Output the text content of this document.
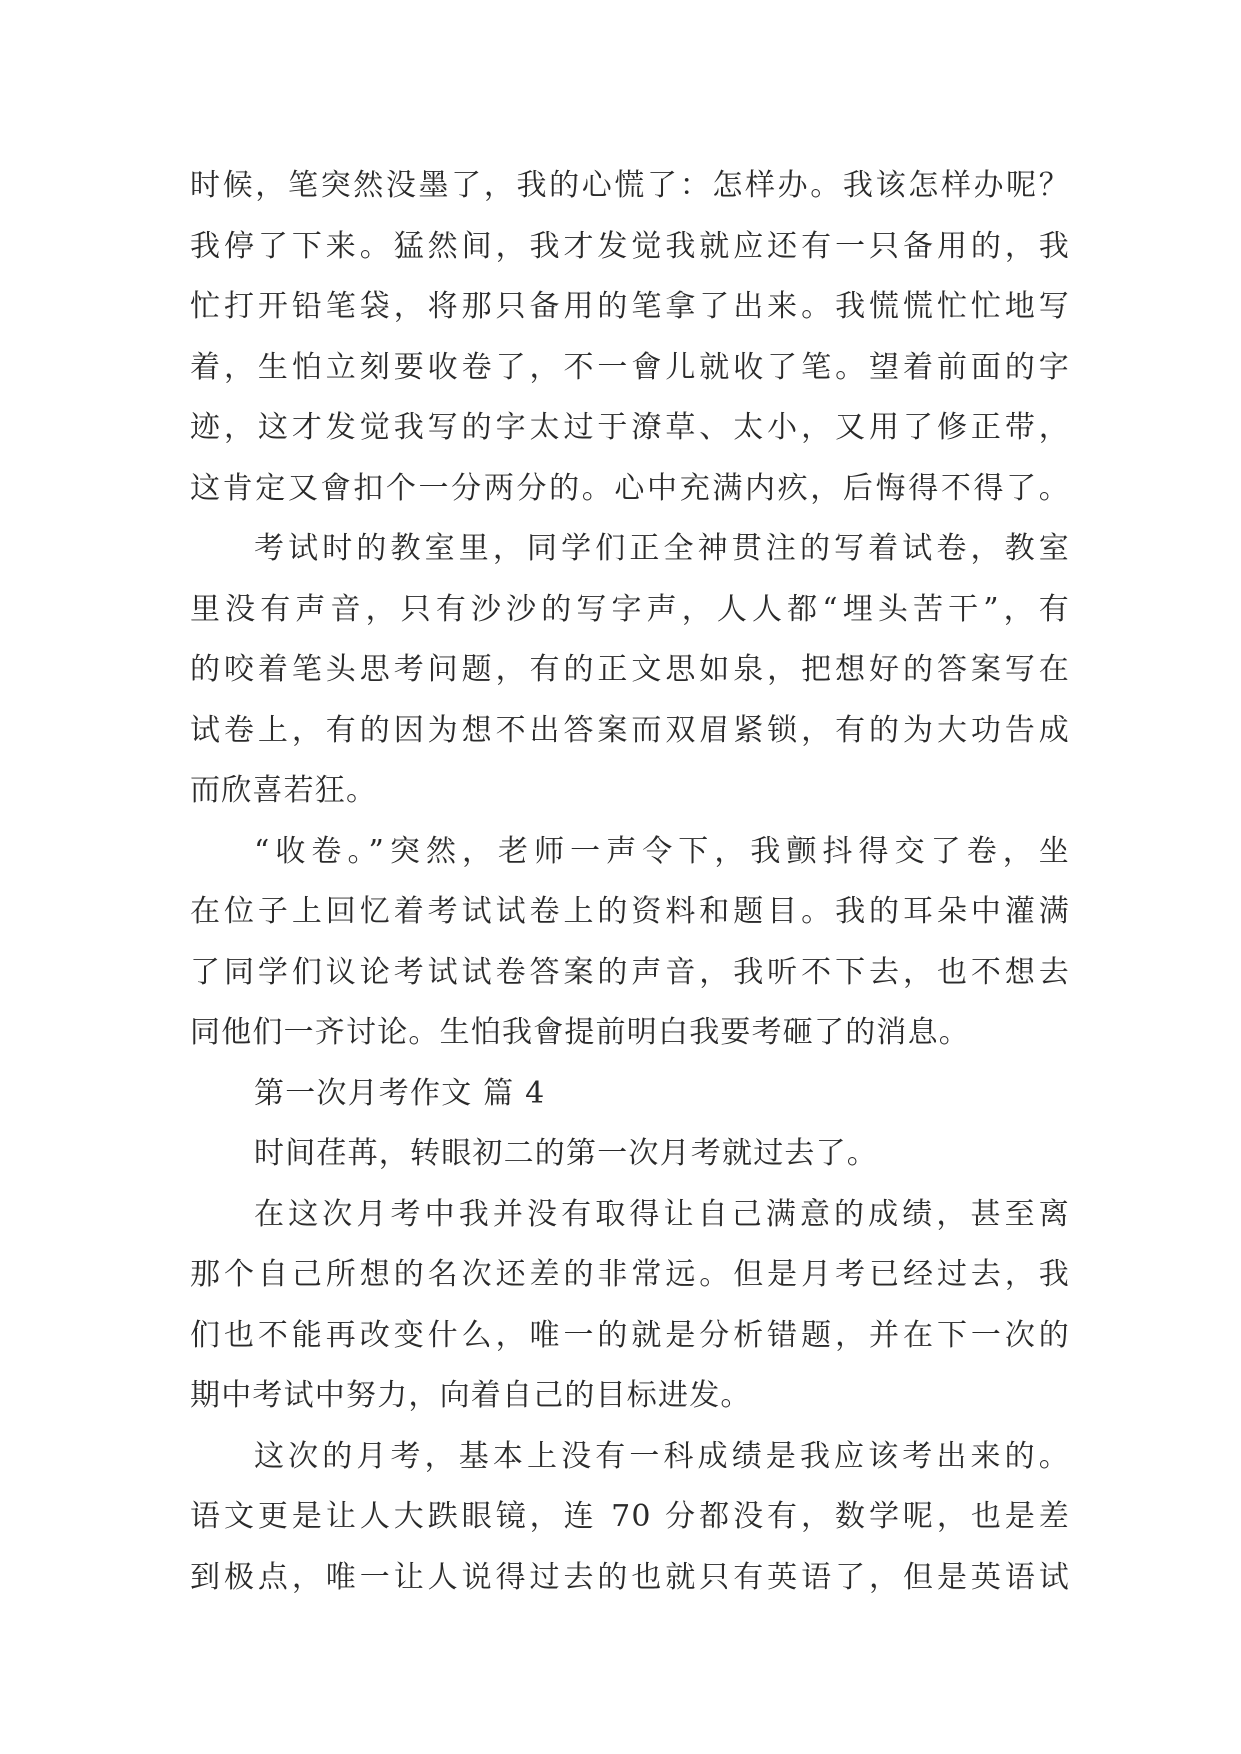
时候，笔突然没墨了，我的心慌了：怎样办。我该怎样办呢？
我停了下来。猛然间，我才发觉我就应还有一只备用的，我
忙打开铅笔袋，将那只备用的笔拿了出来。我慌慌忙忙地写
着，生怕立刻要收卷了，不一會儿就收了笔。望着前面的字
迹，这才发觉我写的字太过于潦草、太小，又用了修正带，
这肯定又會扣个一分两分的。心中充满内疚，后悔得不得了。
考试时的教室里，同学们正全神贯注的写着试卷，教室
里没有声音，只有沙沙的写字声，人人都“埋头苦干”，有
的咬着笔头思考问题，有的正文思如泉，把想好的答案写在
试卷上，有的因为想不出答案而双眉紧锁，有的为大功告成
而欣喜若狂。
“收卷。”突然，老师一声令下，我颤抖得交了卷，坐
在位子上回忆着考试试卷上的资料和题目。我的耳朵中灌满
了同学们议论考试试卷答案的声音，我听不下去，也不想去
同他们一齐讨论。生怕我會提前明白我要考砸了的消息。
第一次月考作文 篇 4
时间荏苒，转眼初二的第一次月考就过去了。
在这次月考中我并没有取得让自己满意的成绩，甚至离
那个自己所想的名次还差的非常远。但是月考已经过去，我
们也不能再改变什么，唯一的就是分析错题，并在下一次的
期中考试中努力，向着自己的目标进发。
这次的月考，基本上没有一科成绩是我应该考出来的。
语文更是让人大跌眼镜，连 70 分都没有，数学呢，也是差
到极点，唯一让人说得过去的也就只有英语了，但是英语试
